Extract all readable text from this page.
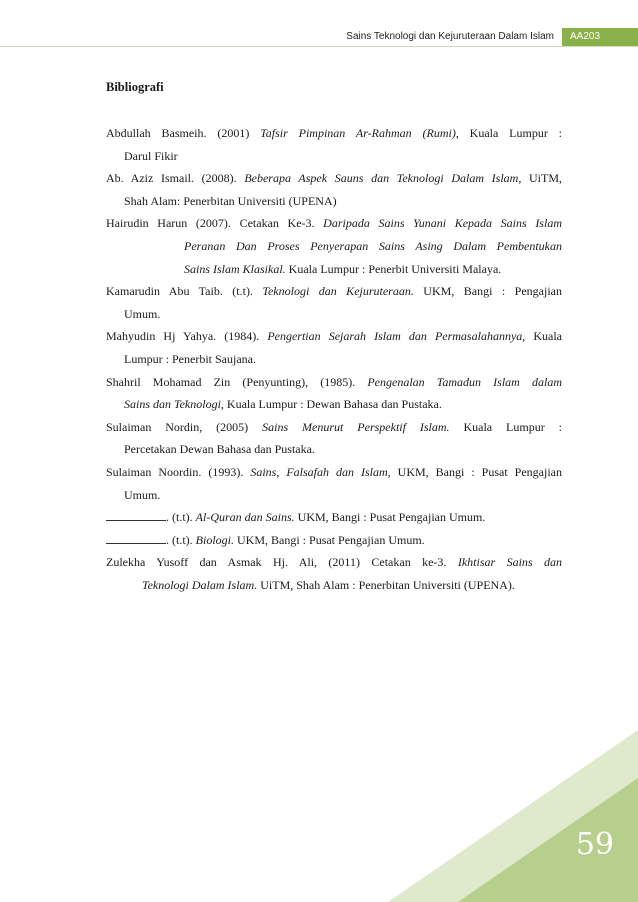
Sains Teknologi dan Kejuruteraan Dalam Islam	AA203
Bibliografi
Abdullah Basmeih. (2001) Tafsir Pimpinan Ar-Rahman (Rumi), Kuala Lumpur :
Darul Fikir
Ab. Aziz Ismail. (2008). Beberapa Aspek Sauns dan Teknologi Dalam Islam, UiTM,
Shah Alam: Penerbitan Universiti (UPENA)
Hairudin Harun (2007). Cetakan Ke-3. Daripada Sains Yunani Kepada Sains Islam
Peranan Dan Proses Penyerapan Sains Asing Dalam Pembentukan
Sains Islam Klasikal. Kuala Lumpur : Penerbit Universiti Malaya.
Kamarudin Abu Taib. (t.t). Teknologi dan Kejuruteraan. UKM, Bangi : Pengajian
Umum.
Mahyudin Hj Yahya. (1984). Pengertian Sejarah Islam dan Permasalahannya, Kuala
Lumpur : Penerbit Saujana.
Shahril Mohamad Zin (Penyunting), (1985). Pengenalan Tamadun Islam dalam
Sains dan Teknologi, Kuala Lumpur : Dewan Bahasa dan Pustaka.
Sulaiman Nordin, (2005) Sains Menurut Perspektif Islam. Kuala Lumpur :
Percetakan Dewan Bahasa dan Pustaka.
Sulaiman Noordin. (1993). Sains, Falsafah dan Islam, UKM, Bangi : Pusat Pengajian
Umum.
. (t.t). Al-Quran dan Sains. UKM, Bangi : Pusat Pengajian Umum.
. (t.t). Biologi. UKM, Bangi : Pusat Pengajian Umum.
Zulekha Yusoff dan Asmak Hj. Ali, (2011) Cetakan ke-3. Ikhtisar Sains dan
Teknologi Dalam Islam. UiTM, Shah Alam : Penerbitan Universiti (UPENA).
59
